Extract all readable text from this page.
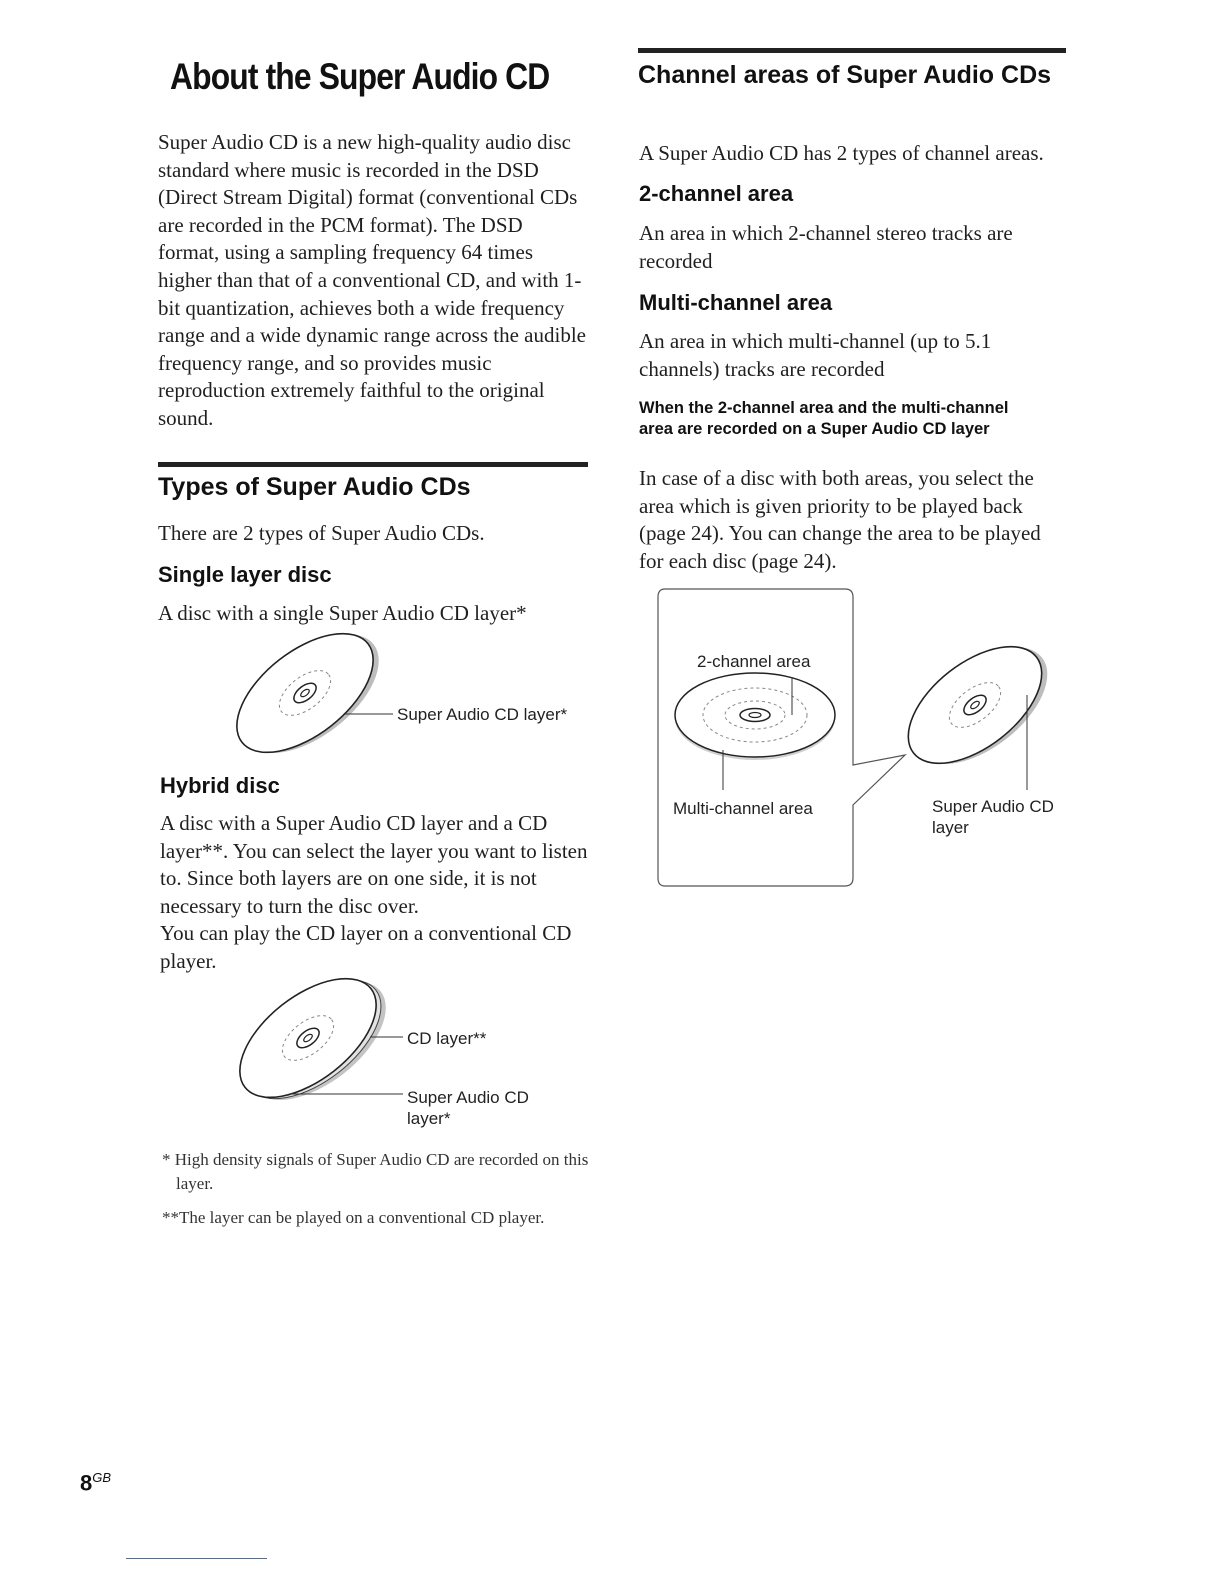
About the Super Audio CD

Super Audio CD is a new high-quality audio disc standard where music is recorded in the DSD (Direct Stream Digital) format (conventional CDs are recorded in the PCM format). The DSD format, using a sampling frequency 64 times higher than that of a conventional CD, and with 1-bit quantization, achieves both a wide frequency range and a wide dynamic range across the audible frequency range, and so provides music reproduction extremely faithful to the original sound.

Types of Super Audio CDs

There are 2 types of Super Audio CDs.

Single layer disc

A disc with a single Super Audio CD layer*

Super Audio CD layer*
Hybrid disc

A disc with a Super Audio CD layer and a CD layer**. You can select the layer you want to listen to. Since both layers are on one side, it is not necessary to turn the disc over.

You can play the CD layer on a conventional CD player.

CD layer**
Super Audio CD
layer*
* High density signals of Super Audio CD are recorded on this layer.
**The layer can be played on a conventional CD player.
Channel areas of Super Audio CDs

A Super Audio CD has 2 types of channel areas.

2-channel area

An area in which 2-channel stereo tracks are recorded

Multi-channel area

An area in which multi-channel (up to 5.1 channels) tracks are recorded

When the 2-channel area and the multi-channel area are recorded on a Super Audio CD layer

In case of a disc with both areas, you select the area which is given priority to be played back (page 24). You can change the area to be played for each disc (page 24).

2-channel area
Multi-channel area	Super Audio CD
layer
$8^{GB}$
